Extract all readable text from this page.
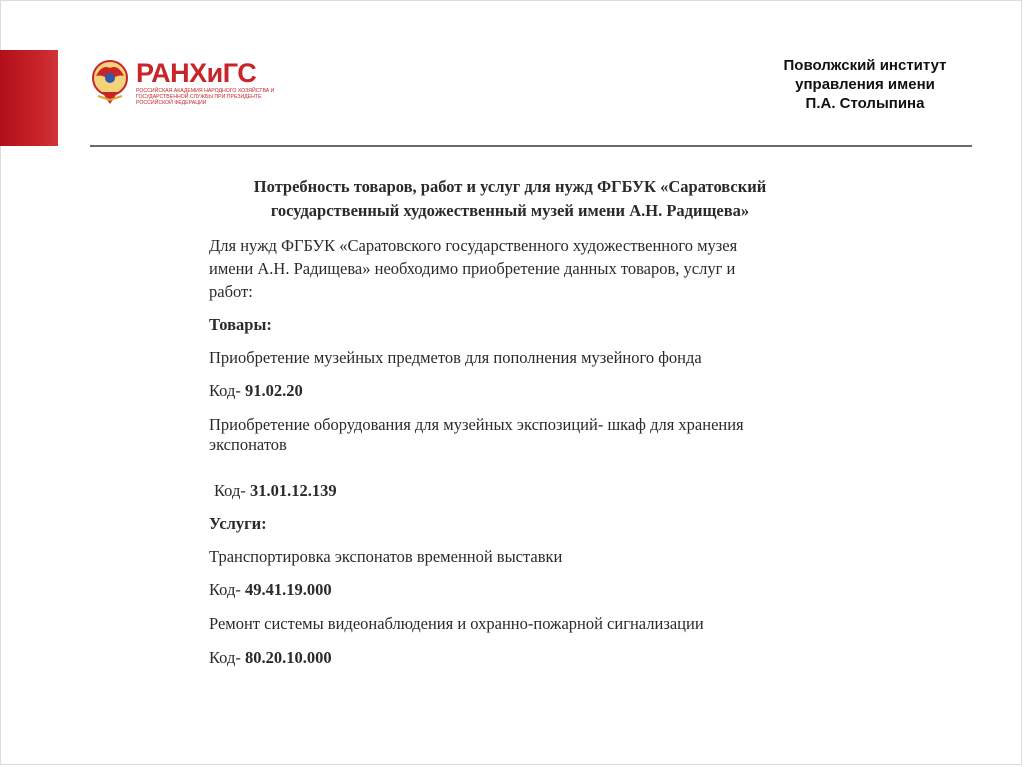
РАНХиГС
РОССИЙСКАЯ АКАДЕМИЯ НАРОДНОГО ХОЗЯЙСТВА И ГОСУДАРСТВЕННОЙ СЛУЖБЫ ПРИ ПРЕЗИДЕНТЕ РОССИЙСКОЙ ФЕДЕРАЦИИ
Поволжский институт
управления имени
П.А. Столыпина
Потребность товаров, работ и услуг для нужд ФГБУК «Саратовский
государственный художественный музей имени А.Н. Радищева»
Для нужд ФГБУК «Саратовского государственного художественного музея
имени А.Н. Радищева» необходимо приобретение данных товаров, услуг и
работ:
Товары:
Приобретение музейных предметов для пополнения музейного фонда
Код- 91.02.20
Приобретение оборудования для музейных экспозиций- шкаф для хранения
экспонатов
Код- 31.01.12.139
Услуги:
Транспортировка экспонатов временной выставки
Код- 49.41.19.000
Ремонт системы видеонаблюдения и охранно-пожарной сигнализации
Код- 80.20.10.000
